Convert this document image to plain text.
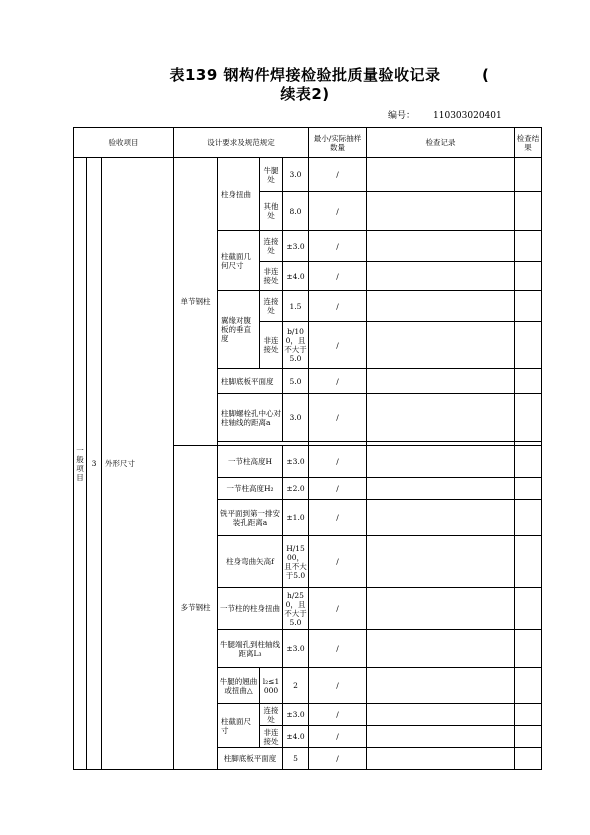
表139 钢构件焊接检验批质量验收记录
续表2)
(
编号： 110303020401
验收项目			设计要求及规范规定				最小/实际抽样数量	检查记录	检查结果
一般项目	3	外形尺寸	单节钢柱	柱身扭曲	牛腿处	3.0	/		
					其他处	8.0	/		
				柱截面几何尺寸	连接处	±3.0	/		
					非连接处	±4.0	/		
				翼缘对腹板的垂直度	连接处	1.5	/		
					非连接处	b/100，且不大于5.0	/		
				柱脚底板平面度		5.0	/		
				柱脚螺栓孔中心对柱轴线的距离a		3.0	/		

			多节钢柱	一节柱高度H		±3.0	/		
				一节柱高度H₂		±2.0	/		
				铣平面到第一排安装孔距离a		±1.0	/		
				柱身弯曲矢高f		H/1500，且不大于5.0	/		
				一节柱的柱身扭曲		h/250，且不大于5.0	/		
				牛腿端孔到柱轴线距离L₃		±3.0	/		
				牛腿的翘曲或扭曲△	l₂≤1000	2	/		
				柱截面尺寸	连接处	±3.0	/		
					非连接处	±4.0	/		
				柱脚底板平面度		5	/		
